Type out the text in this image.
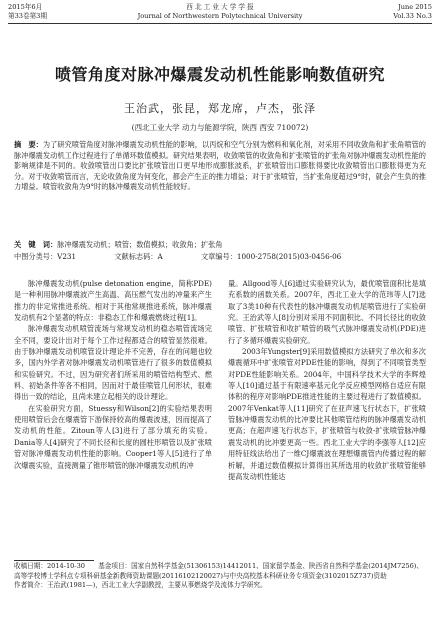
2015年6月
第33卷第3期
西 北 工 业 大 学 学 报
Journal of Northwestern Polytechnical University
June 2015
Vol.33 No.3
喷管角度对脉冲爆震发动机性能影响数值研究
王治武，张昆，郑龙席，卢杰，张泽
(西北工业大学 动力与能源学院，陕西 西安 710072)
摘　要：为了研究喷管角度对脉冲爆震发动机性能的影响，以丙烷和空气分别为燃料和氧化剂，对采用不同收敛角和扩张角喷管的脉冲爆震发动机工作过程进行了单循环数值模拟。研究结果表明，收敛喷管的收敛角和扩张喷管的扩张角对脉冲爆震发动机性能的影响规律是不同的。收敛喷管出口要比扩张喷管出口更早地形成膨胀波系，扩张喷管出口膨胀得要比收敛喷管出口膨胀得更为充分。对于收敛喷管而言，无论收敛角度为何变化，都会产生正的推力增益；对于扩张喷管，当扩张角度超过9°时，就会产生负的推力增益。喷管收敛角为9°时的脉冲爆震发动机性能较好。
关　键　词：脉冲爆震发动机；喷管；数值模拟；收敛角；扩张角
中图分类号：V231	文献标志码：A	文章编号：1000-2758(2015)03-0456-06

脉冲爆震发动机(pulse detonation engine，简称PDE)是一种利用脉冲爆震波产生高温、高压燃气发出的冲量来产生推力的非定常推进系统。相对于其他常规推进系统，脉冲爆震发动机有2个显著的特点：非稳态工作和爆震燃烧过程[1]。

脉冲爆震发动机喷管流场与常规发动机的稳态喷管流场完全不同，要设计出对于每个工作过程都适合的喷管显然很难。由于脉冲爆震发动机喷管设计理论并不完善，存在的问题也较多，国内外学者对脉冲爆震发动机喷管进行了很多的数值模拟和实验研究。不过，因为研究者们所采用的喷管结构型式、燃料、初始条件等各不相同，因而对于最佳喷管几何形状，很难得出一致的结论，且尚未建立起相关的设计理论。

在实验研究方面，Stuessy和Wilson[2]的实验结果表明使用喷管后会在爆震管下游保持较高的爆震波速，因而提高了发动机的性能。Zitoun等人[3]进行了部分填充的实验。Dania等人[4]研究了不同长径和长度的圆柱形喷管以及扩张喷管对脉冲爆震发动机性能的影响。Cooper1等人[5]进行了单次爆震实验，直接测量了锥形喷管的脉冲爆震发动机的冲

量。Allgood等人[6]通过实验研究认为，最优喷管面积比是填充系数的函数关系。2007年，西北工业大学的范玮等人[7]选取了3类10种有代表性的脉冲爆震发动机尾喷管进行了实验研究。王治武等人[8]分别对采用不同面积比、不同长径比的收敛喷管、扩张喷管和收扩喷管的吸气式脉冲爆震发动机(PDE)进行了多循环爆震实验研究。

2003年Yungster[9]采用数值模拟方法研究了单次和多次爆震循环中扩张喷管对PDE性能的影响，得到了不同喷管类型对PDE性能影响关系。2004年，中国科学技术大学的李辉煌等人[10]通过基于有限速率基元化学反应模型网格自适应有限体积的程序对影响PDE推进性能的主要过程进行了数值模拟。2007年Venkat等人[11]研究了在亚声速飞行状态下，扩张喷管脉冲爆震发动机的比冲要比其他喷管结构的脉冲爆震发动机更高；在超声速飞行状态下，扩张喷管与收敛-扩张喷管脉冲爆震发动机的比冲要更高一些。西北工业大学的李强等人[12]应用特征线法给出了一维CJ爆震波在理想爆震管内传播过程的解析解，并通过数值模拟计算得出其所选用的收敛扩张喷管能够提高发动机性能达

收稿日期：2014-10-30　　基金项目：国家自然科学基金(51306153)14412011、国家留学基金、陕西省自然科学基金(2014JM7256)、高等学校博士学科点专项科研基金新教师资助课题(20116102120027)与中央高校基本科研业务专项资金(3102015Z737)资助
作者简介：王治武(1981—)，西北工业大学副教授，主要从事燃烧学及流体力学研究。
